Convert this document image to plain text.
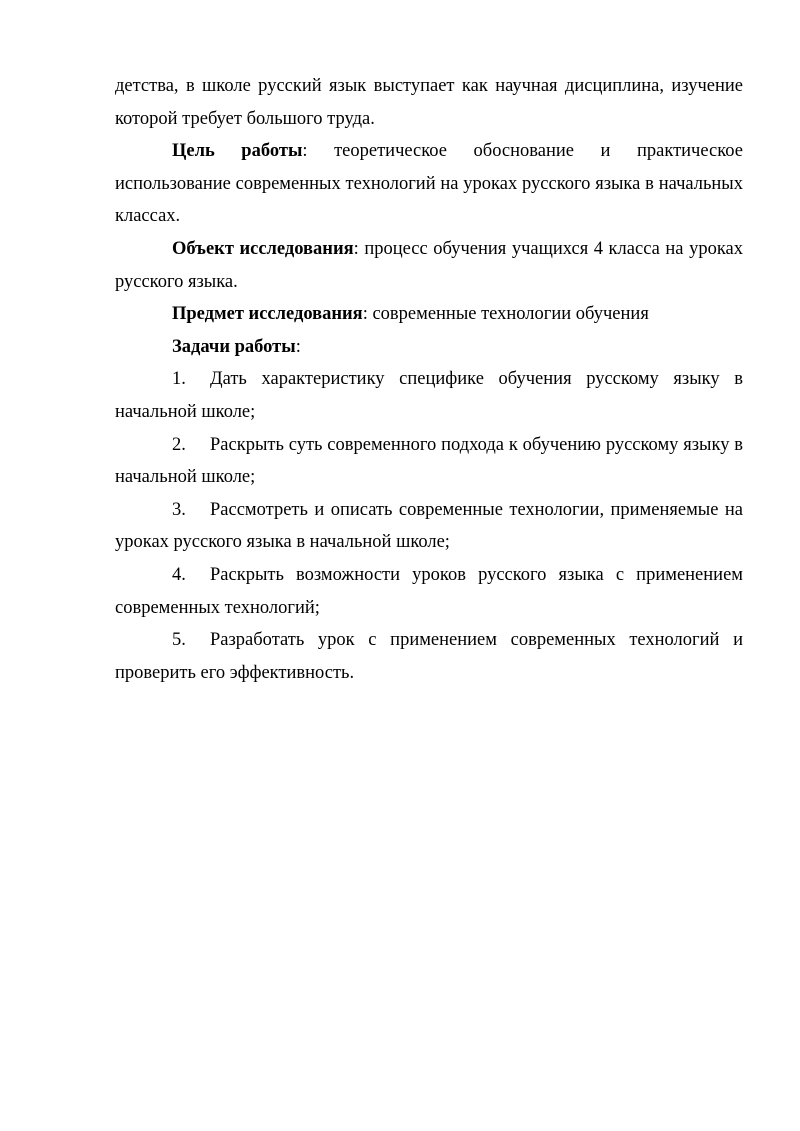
детства, в школе русский язык выступает как научная дисциплина, изучение которой требует большого труда.

Цель работы: теоретическое обоснование и практическое использование современных технологий на уроках русского языка в начальных классах.

Объект исследования: процесс обучения учащихся 4 класса на уроках русского языка.

Предмет исследования: современные технологии обучения

Задачи работы:

1. Дать характеристику специфике обучения русскому языку в начальной школе;

2. Раскрыть суть современного подхода к обучению русскому языку в начальной школе;

3. Рассмотреть и описать современные технологии, применяемые на уроках русского языка в начальной школе;

4. Раскрыть возможности уроков русского языка с применением современных технологий;

5. Разработать урок с применением современных технологий и проверить его эффективность.
